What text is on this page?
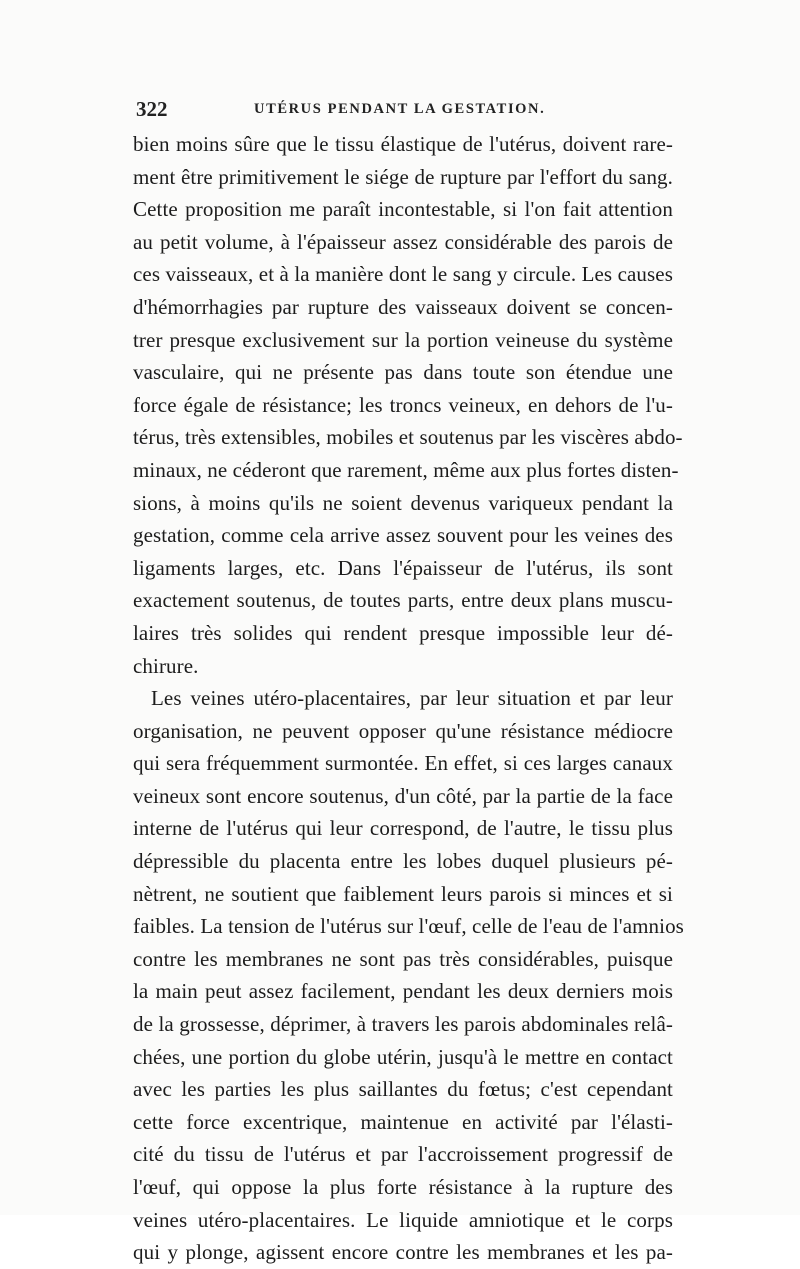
322	UTÉRUS PENDANT LA GESTATION.
bien moins sûre que le tissu élastique de l'utérus, doivent rare-
ment être primitivement le siége de rupture par l'effort du sang.
Cette proposition me paraît incontestable, si l'on fait attention
au petit volume, à l'épaisseur assez considérable des parois de
ces vaisseaux, et à la manière dont le sang y circule. Les causes
d'hémorrhagies par rupture des vaisseaux doivent se concen-
trer presque exclusivement sur la portion veineuse du système
vasculaire, qui ne présente pas dans toute son étendue une
force égale de résistance; les troncs veineux, en dehors de l'u-
térus, très extensibles, mobiles et soutenus par les viscères abdo-
minaux, ne céderont que rarement, même aux plus fortes disten-
sions, à moins qu'ils ne soient devenus variqueux pendant la
gestation, comme cela arrive assez souvent pour les veines des
ligaments larges, etc. Dans l'épaisseur de l'utérus, ils sont
exactement soutenus, de toutes parts, entre deux plans muscu-
laires très solides qui rendent presque impossible leur dé-
chirure.
Les veines utéro-placentaires, par leur situation et par leur
organisation, ne peuvent opposer qu'une résistance médiocre
qui sera fréquemment surmontée. En effet, si ces larges canaux
veineux sont encore soutenus, d'un côté, par la partie de la face
interne de l'utérus qui leur correspond, de l'autre, le tissu plus
dépressible du placenta entre les lobes duquel plusieurs pé-
nètrent, ne soutient que faiblement leurs parois si minces et si
faibles. La tension de l'utérus sur l'œuf, celle de l'eau de l'amnios
contre les membranes ne sont pas très considérables, puisque
la main peut assez facilement, pendant les deux derniers mois
de la grossesse, déprimer, à travers les parois abdominales relâ-
chées, une portion du globe utérin, jusqu'à le mettre en contact
avec les parties les plus saillantes du fœtus; c'est cependant
cette force excentrique, maintenue en activité par l'élasti-
cité du tissu de l'utérus et par l'accroissement progressif de
l'œuf, qui oppose la plus forte résistance à la rupture des
veines utéro-placentaires. Le liquide amniotique et le corps
qui y plonge, agissent encore contre les membranes et les pa-
